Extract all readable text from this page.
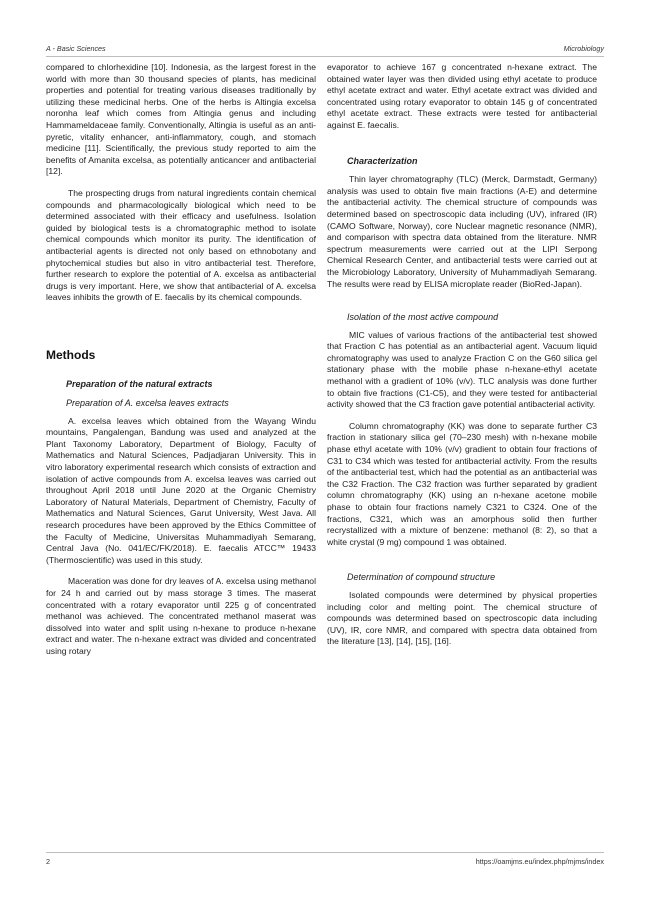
A - Basic Sciences	Microbiology

compared to chlorhexidine [10]. Indonesia, as the largest forest in the world with more than 30 thousand species of plants, has medicinal properties and potential for treating various diseases traditionally by utilizing these medicinal herbs. One of the herbs is Altingia excelsa noronha leaf which comes from Altingia genus and including Hammameldaceae family. Conventionally, Altingia is useful as an anti-pyretic, vitality enhancer, anti-inflammatory, cough, and stomach medicine [11]. Scientifically, the previous study reported to aim the benefits of Amanita excelsa, as potentially anticancer and antibacterial [12].

The prospecting drugs from natural ingredients contain chemical compounds and pharmacologically biological which need to be determined associated with their efficacy and usefulness. Isolation guided by biological tests is a chromatographic method to isolate chemical compounds which monitor its purity. The identification of antibacterial agents is directed not only based on ethnobotany and phytochemical studies but also in vitro antibacterial test. Therefore, further research to explore the potential of A. excelsa as antibacterial drugs is very important. Here, we show that antibacterial of A. excelsa leaves inhibits the growth of E. faecalis by its chemical compounds.

Methods
Preparation of the natural extracts
Preparation of A. excelsa leaves extracts

A. excelsa leaves which obtained from the Wayang Windu mountains, Pangalengan, Bandung was used and analyzed at the Plant Taxonomy Laboratory, Department of Biology, Faculty of Mathematics and Natural Sciences, Padjadjaran University. This in vitro laboratory experimental research which consists of extraction and isolation of active compounds from A. excelsa leaves was carried out throughout April 2018 until June 2020 at the Organic Chemistry Laboratory of Natural Materials, Department of Chemistry, Faculty of Mathematics and Natural Sciences, Garut University, West Java. All research procedures have been approved by the Ethics Committee of the Faculty of Medicine, Universitas Muhammadiyah Semarang, Central Java (No. 041/EC/FK/2018). E. faecalis ATCC™ 19433 (Thermoscientific) was used in this study.

Maceration was done for dry leaves of A. excelsa using methanol for 24 h and carried out by mass storage 3 times. The maserat concentrated with a rotary evaporator until 225 g of concentrated methanol was achieved. The concentrated methanol maserat was dissolved into water and split using n-hexane to produce n-hexane extract and water. The n-hexane extract was divided and concentrated using rotary

evaporator to achieve 167 g concentrated n-hexane extract. The obtained water layer was then divided using ethyl acetate to produce ethyl acetate extract and water. Ethyl acetate extract was divided and concentrated using rotary evaporator to obtain 145 g of concentrated ethyl acetate extract. These extracts were tested for antibacterial against E. faecalis.

Characterization

Thin layer chromatography (TLC) (Merck, Darmstadt, Germany) analysis was used to obtain five main fractions (A-E) and determine the antibacterial activity. The chemical structure of compounds was determined based on spectroscopic data including (UV), infrared (IR) (CAMO Software, Norway), core Nuclear magnetic resonance (NMR), and comparison with spectra data obtained from the literature. NMR spectrum measurements were carried out at the LIPI Serpong Chemical Research Center, and antibacterial tests were carried out at the Microbiology Laboratory, University of Muhammadiyah Semarang. The results were read by ELISA microplate reader (BioRed-Japan).

Isolation of the most active compound

MIC values of various fractions of the antibacterial test showed that Fraction C has potential as an antibacterial agent. Vacuum liquid chromatography was used to analyze Fraction C on the G60 silica gel stationary phase with the mobile phase n-hexane-ethyl acetate methanol with a gradient of 10% (v/v). TLC analysis was done further to obtain five fractions (C1-C5), and they were tested for antibacterial activity showed that the C3 fraction gave potential antibacterial activity.

Column chromatography (KK) was done to separate further C3 fraction in stationary silica gel (70–230 mesh) with n-hexane mobile phase ethyl acetate with 10% (v/v) gradient to obtain four fractions of C31 to C34 which was tested for antibacterial activity. From the results of the antibacterial test, which had the potential as an antibacterial was the C32 Fraction. The C32 fraction was further separated by gradient column chromatography (KK) using an n-hexane acetone mobile phase to obtain four fractions namely C321 to C324. One of the fractions, C321, which was an amorphous solid then further recrystallized with a mixture of benzene: methanol (8: 2), so that a white crystal (9 mg) compound 1 was obtained.

Determination of compound structure

Isolated compounds were determined by physical properties including color and melting point. The chemical structure of compounds was determined based on spectroscopic data including (UV), IR, core NMR, and compared with spectra data obtained from the literature [13], [14], [15], [16].

2	https://oamjms.eu/index.php/mjms/index
